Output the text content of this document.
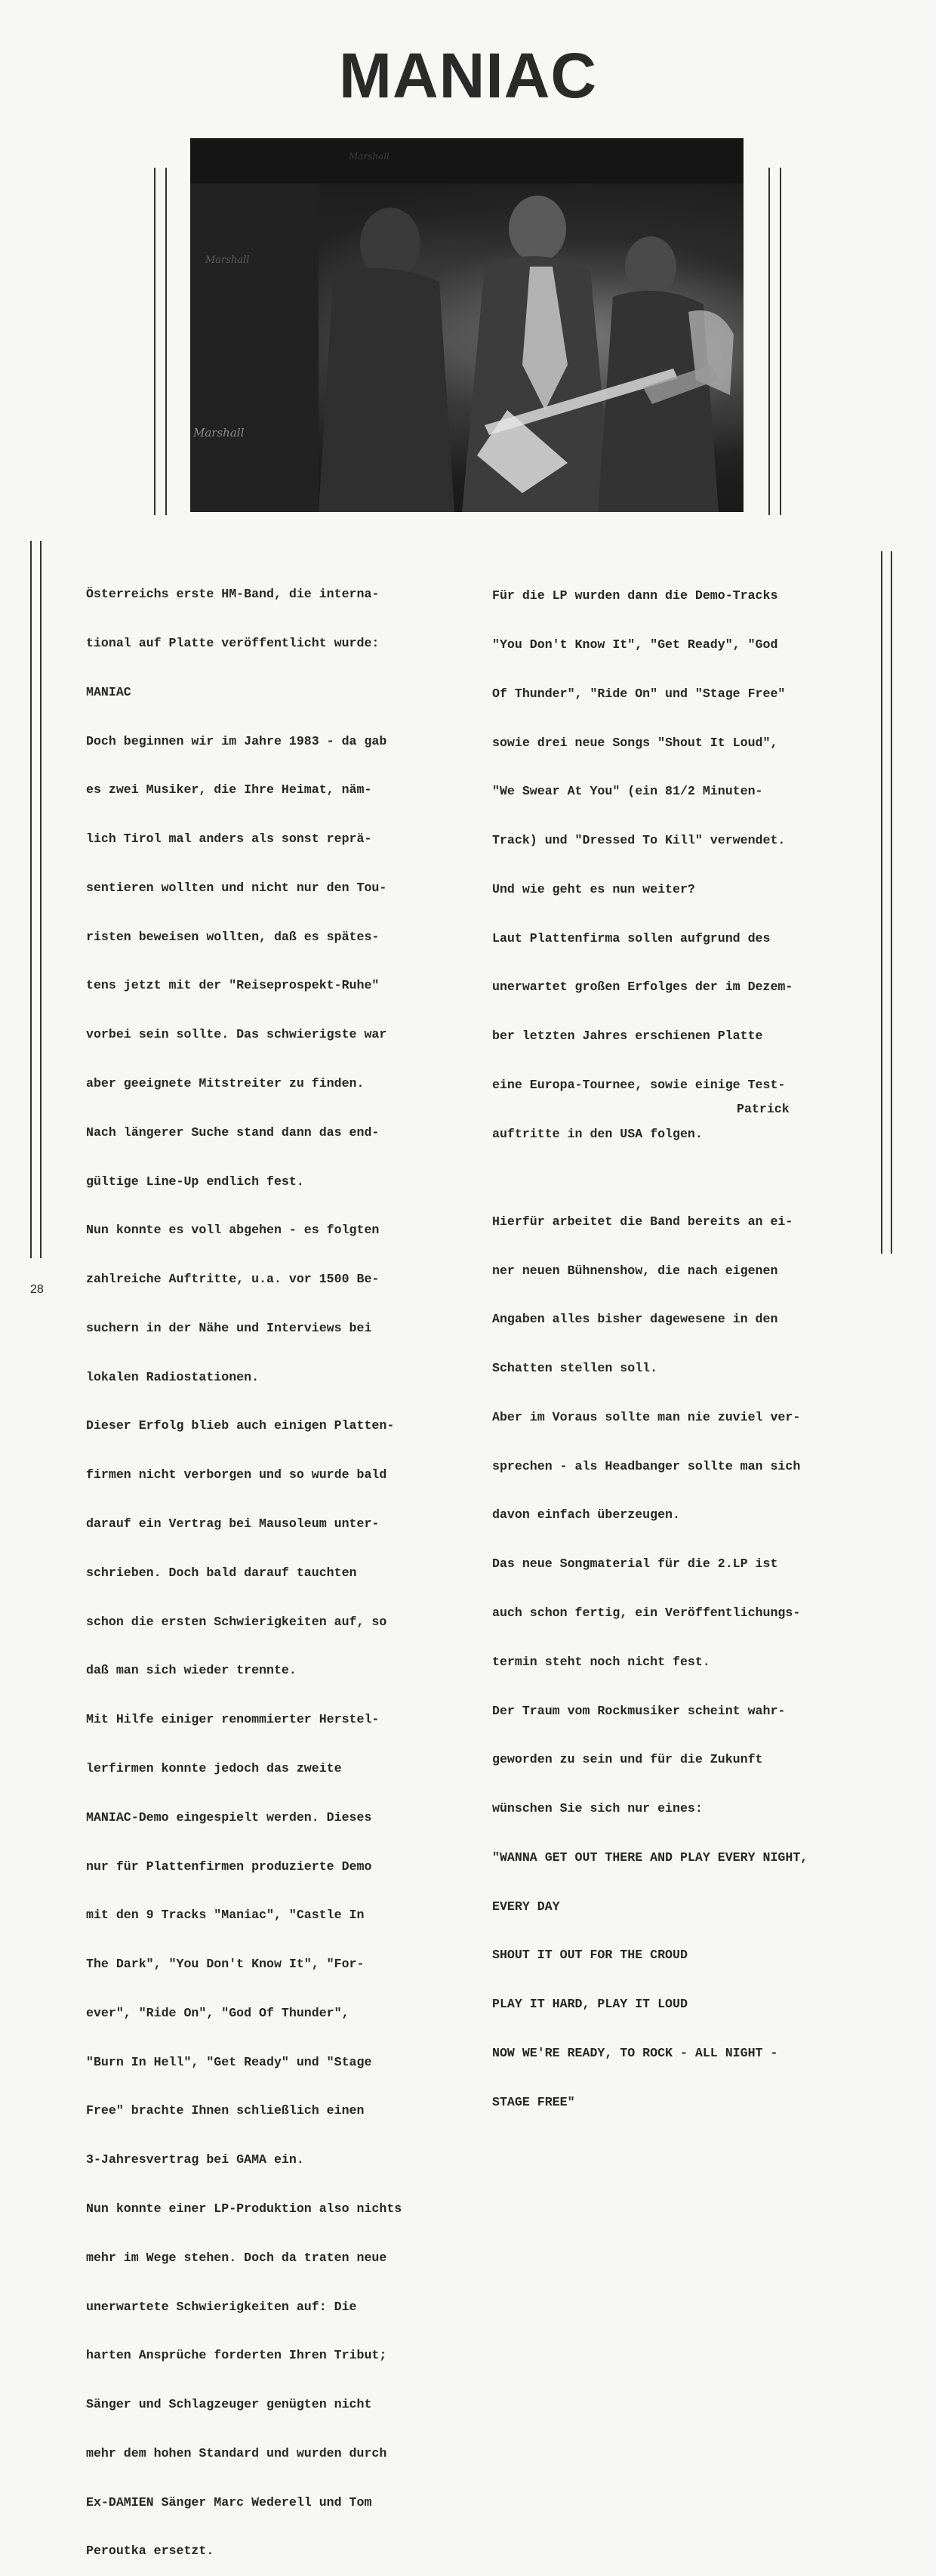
MANIAC
Marshall
Marshall
Marshall

Österreichs erste HM-Band, die interna-

tional auf Platte veröffentlicht wurde:

MANIAC

Doch beginnen wir im Jahre 1983 - da gab

es zwei Musiker, die Ihre Heimat, näm-

lich Tirol mal anders als sonst reprä-

sentieren wollten und nicht nur den Tou-

risten beweisen wollten, daß es spätes-

tens jetzt mit der "Reiseprospekt-Ruhe"

vorbei sein sollte. Das schwierigste war

aber geeignete Mitstreiter zu finden.

Nach längerer Suche stand dann das end-

gültige Line-Up endlich fest.

Nun konnte es voll abgehen - es folgten

zahlreiche Auftritte, u.a. vor 1500 Be-

suchern in der Nähe und Interviews bei

lokalen Radiostationen.

Dieser Erfolg blieb auch einigen Platten-

firmen nicht verborgen und so wurde bald

darauf ein Vertrag bei Mausoleum unter-

schrieben. Doch bald darauf tauchten

schon die ersten Schwierigkeiten auf, so

daß man sich wieder trennte.

Mit Hilfe einiger renommierter Herstel-

lerfirmen konnte jedoch das zweite

MANIAC-Demo eingespielt werden. Dieses

nur für Plattenfirmen produzierte Demo

mit den 9 Tracks "Maniac", "Castle In

The Dark", "You Don't Know It", "For-

ever", "Ride On", "God Of Thunder",

"Burn In Hell", "Get Ready" und "Stage

Free" brachte Ihnen schließlich einen

3-Jahresvertrag bei GAMA ein.

Nun konnte einer LP-Produktion also nichts

mehr im Wege stehen. Doch da traten neue

unerwartete Schwierigkeiten auf: Die

harten Ansprüche forderten Ihren Tribut;

Sänger und Schlagzeuger genügten nicht

mehr dem hohen Standard und wurden durch

Ex-DAMIEN Sänger Marc Wederell und Tom

Peroutka ersetzt.

Für die LP wurden dann die Demo-Tracks

"You Don't Know It", "Get Ready", "God

Of Thunder", "Ride On" und "Stage Free"

sowie drei neue Songs "Shout It Loud",

"We Swear At You" (ein 81/2 Minuten-

Track) und "Dressed To Kill" verwendet.

Und wie geht es nun weiter?

Laut Plattenfirma sollen aufgrund des

unerwartet großen Erfolges der im Dezem-

ber letzten Jahres erschienen Platte

eine Europa-Tournee, sowie einige Test-

auftritte in den USA folgen.

Hierfür arbeitet die Band bereits an ei-

ner neuen Bühnenshow, die nach eigenen

Angaben alles bisher dagewesene in den

Schatten stellen soll.

Aber im Voraus sollte man nie zuviel ver-

sprechen - als Headbanger sollte man sich

davon einfach überzeugen.

Das neue Songmaterial für die 2.LP ist

auch schon fertig, ein Veröffentlichungs-

termin steht noch nicht fest.

Der Traum vom Rockmusiker scheint wahr-

geworden zu sein und für die Zukunft

wünschen Sie sich nur eines:

"WANNA GET OUT THERE AND PLAY EVERY NIGHT,

EVERY DAY

SHOUT IT OUT FOR THE CROUD

PLAY IT HARD, PLAY IT LOUD

NOW WE'RE READY, TO ROCK - ALL NIGHT -

STAGE FREE"

Patrick
28
